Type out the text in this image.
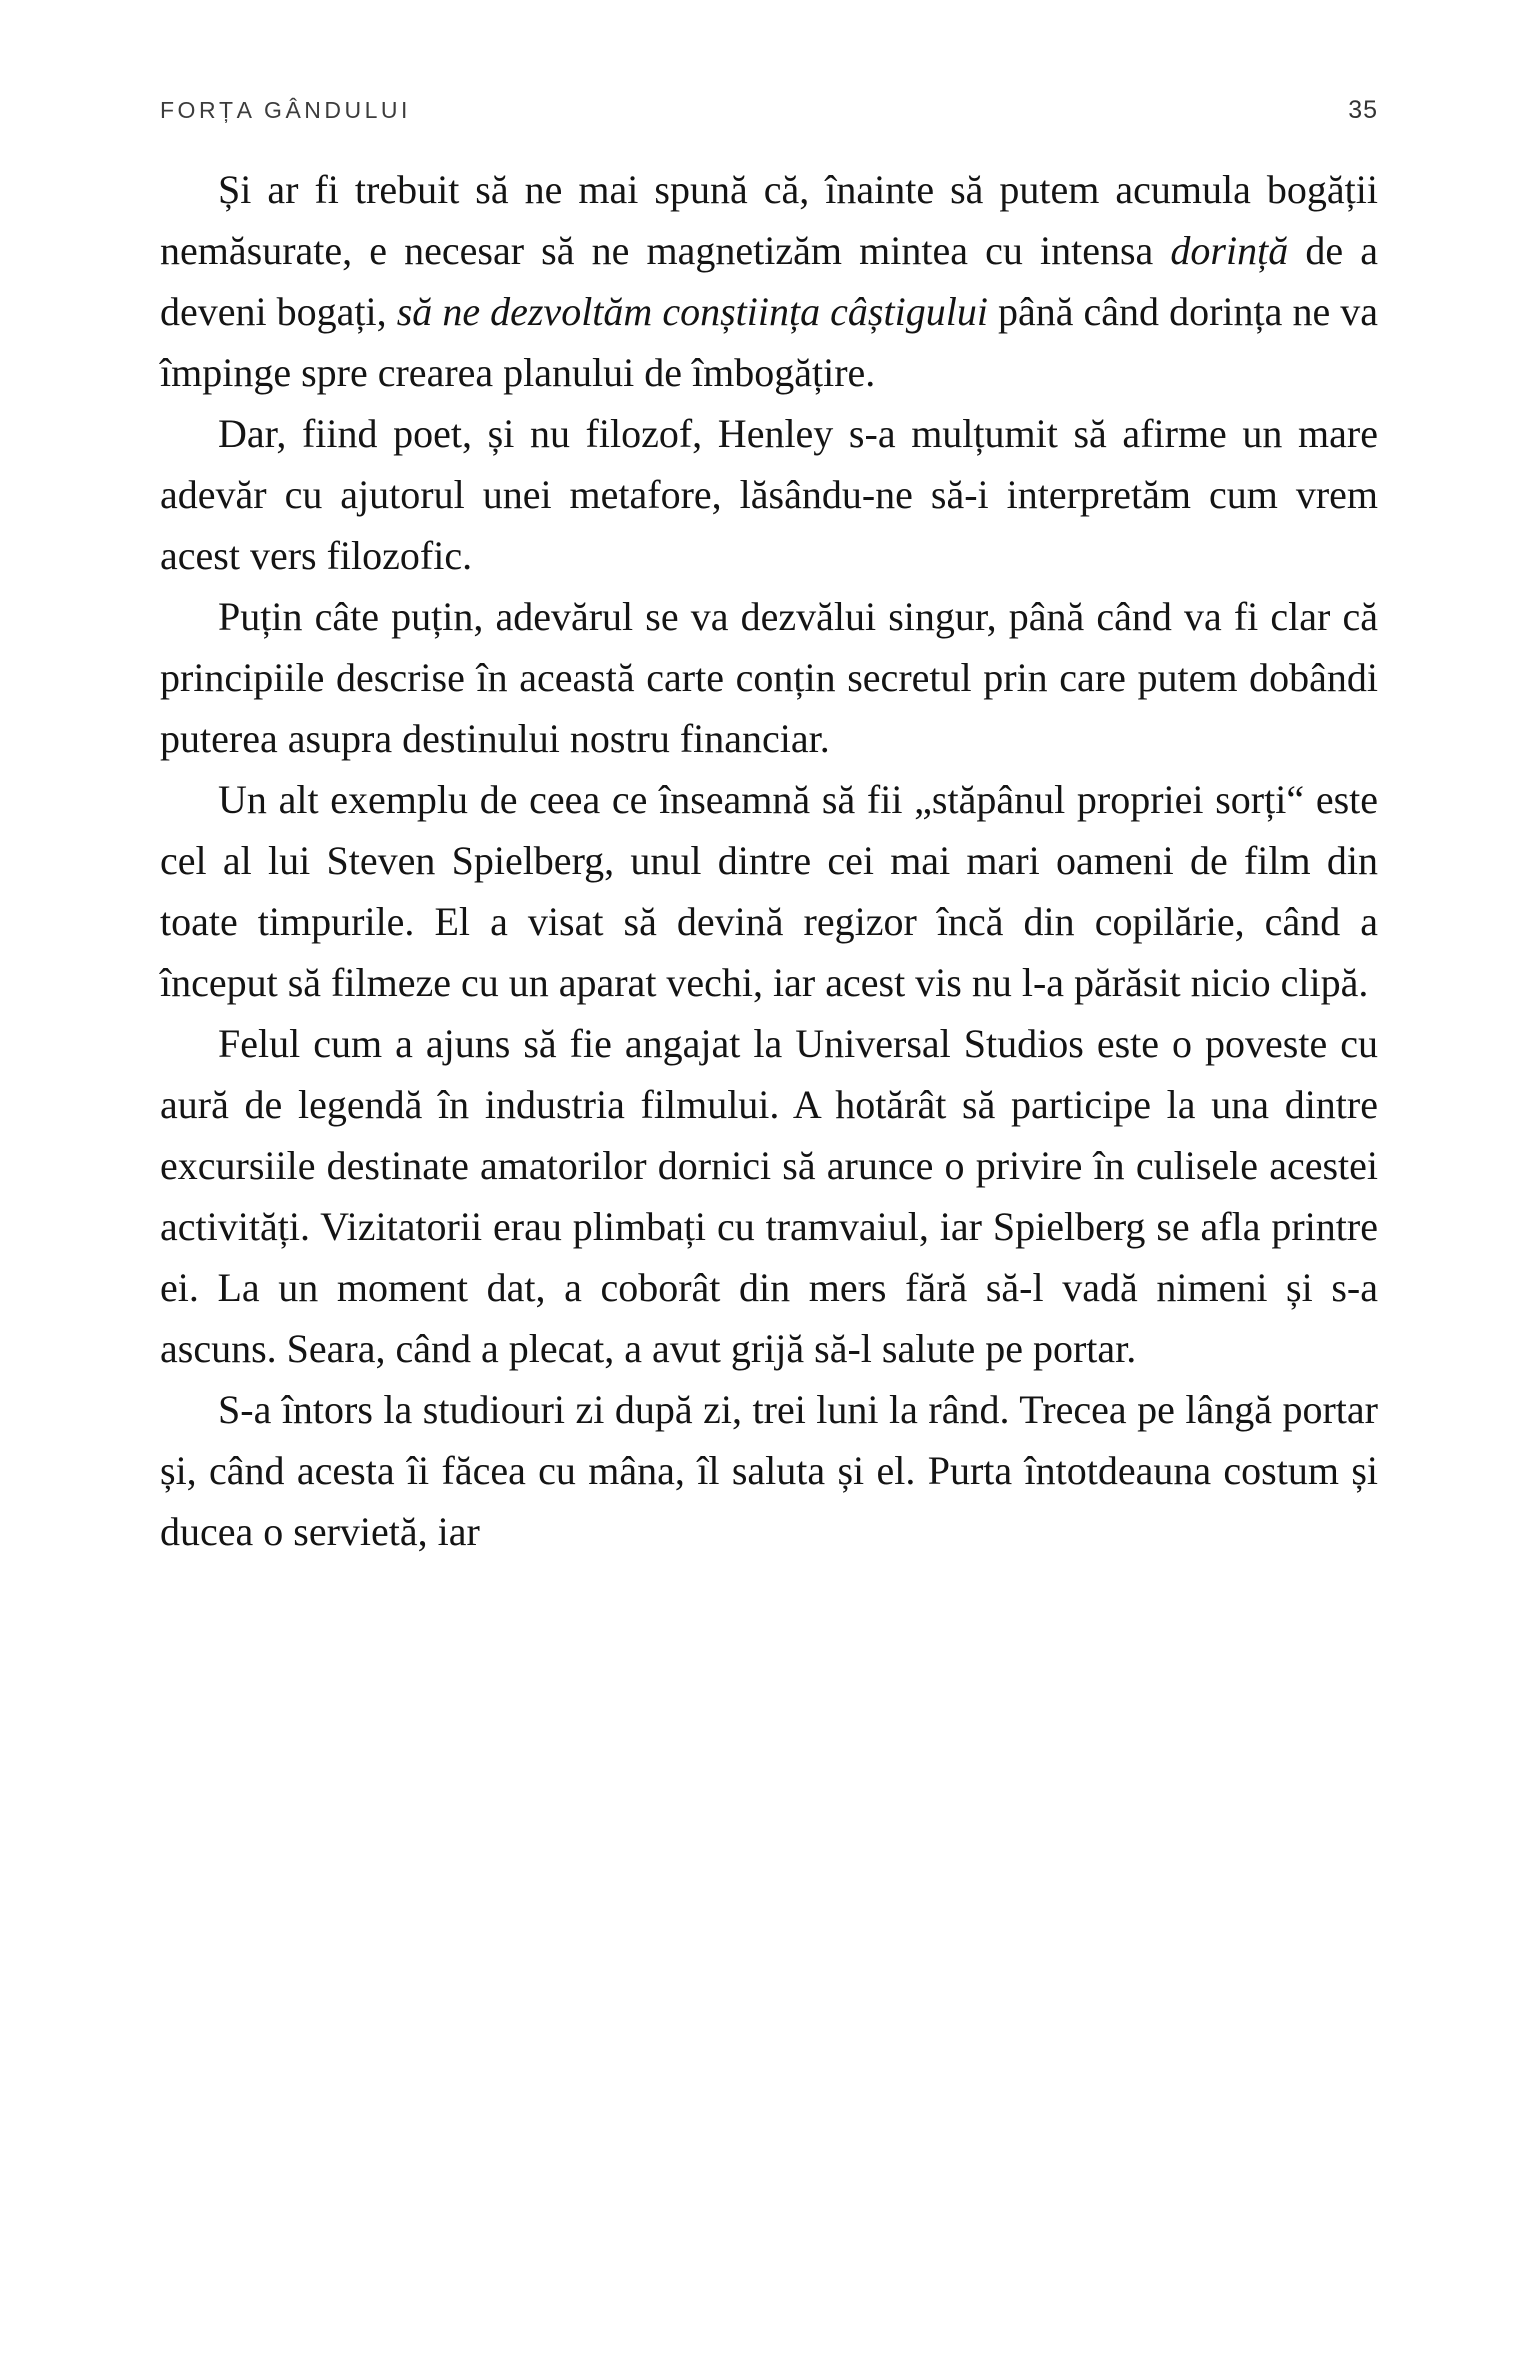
FORȚA GÂNDULUI	35

Și ar fi trebuit să ne mai spună că, înainte să putem acumula bogății nemăsurate, e necesar să ne magnetizăm mintea cu intensa dorință de a deveni bogați, să ne dezvoltăm conștiința câștigului până când dorința ne va împinge spre crearea planului de îmbogățire.

Dar, fiind poet, și nu filozof, Henley s-a mulțumit să afirme un mare adevăr cu ajutorul unei metafore, lăsându-ne să-i interpretăm cum vrem acest vers filozofic.

Puțin câte puțin, adevărul se va dezvălui singur, până când va fi clar că principiile descrise în această carte conțin secretul prin care putem dobândi puterea asupra destinului nostru financiar.

Un alt exemplu de ceea ce înseamnă să fii „stăpânul propriei sorți“ este cel al lui Steven Spielberg, unul dintre cei mai mari oameni de film din toate timpurile. El a visat să devină regizor încă din copilărie, când a început să filmeze cu un aparat vechi, iar acest vis nu l-a părăsit nicio clipă.

Felul cum a ajuns să fie angajat la Universal Studios este o poveste cu aură de legendă în industria filmului. A hotărât să participe la una dintre excursiile destinate amatorilor dornici să arunce o privire în culisele acestei activități. Vizitatorii erau plimbați cu tramvaiul, iar Spielberg se afla printre ei. La un moment dat, a coborât din mers fără să-l vadă nimeni și s-a ascuns. Seara, când a plecat, a avut grijă să-l salute pe portar.

S-a întors la studiouri zi după zi, trei luni la rând. Trecea pe lângă portar și, când acesta îi făcea cu mâna, îl saluta și el. Purta întotdeauna costum și ducea o servietă, iar
